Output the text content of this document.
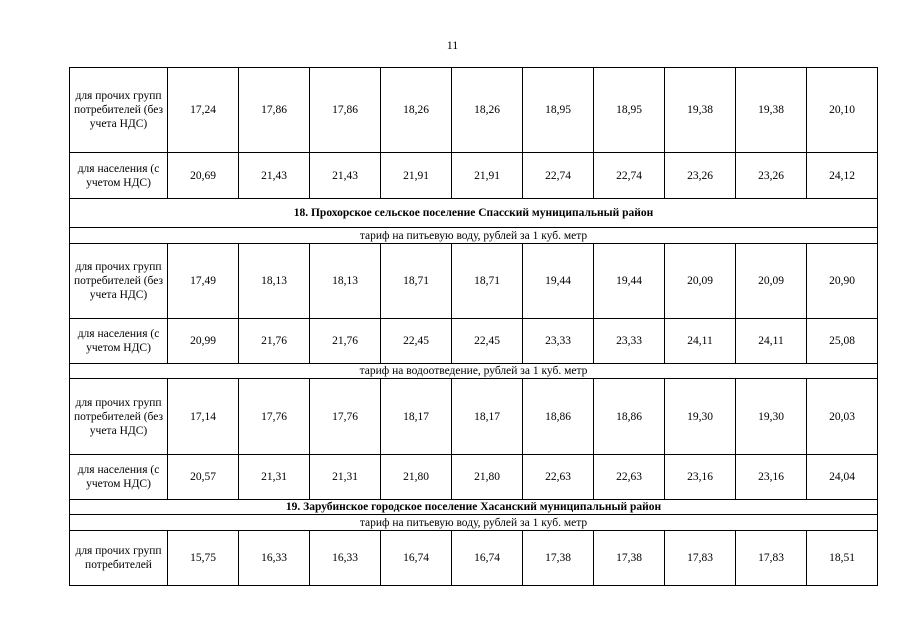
11
для прочих групп потребителей (без учета НДС)	17,24	17,86	17,86	18,26	18,26	18,95	18,95	19,38	19,38	20,10
для населения (с учетом НДС)	20,69	21,43	21,43	21,91	21,91	22,74	22,74	23,26	23,26	24,12
18. Прохорское сельское поселение Спасский муниципальный район										
тариф на питьевую воду, рублей за 1 куб. метр										
для прочих групп потребителей (без учета НДС)	17,49	18,13	18,13	18,71	18,71	19,44	19,44	20,09	20,09	20,90
для населения (с учетом НДС)	20,99	21,76	21,76	22,45	22,45	23,33	23,33	24,11	24,11	25,08
тариф на водоотведение, рублей за 1 куб. метр										
для прочих групп потребителей (без учета НДС)	17,14	17,76	17,76	18,17	18,17	18,86	18,86	19,30	19,30	20,03
для населения (с учетом НДС)	20,57	21,31	21,31	21,80	21,80	22,63	22,63	23,16	23,16	24,04
19. Зарубинское городское поселение Хасанский муниципальный район										
тариф на питьевую воду, рублей за 1 куб. метр										
для прочих групп потребителей	15,75	16,33	16,33	16,74	16,74	17,38	17,38	17,83	17,83	18,51
